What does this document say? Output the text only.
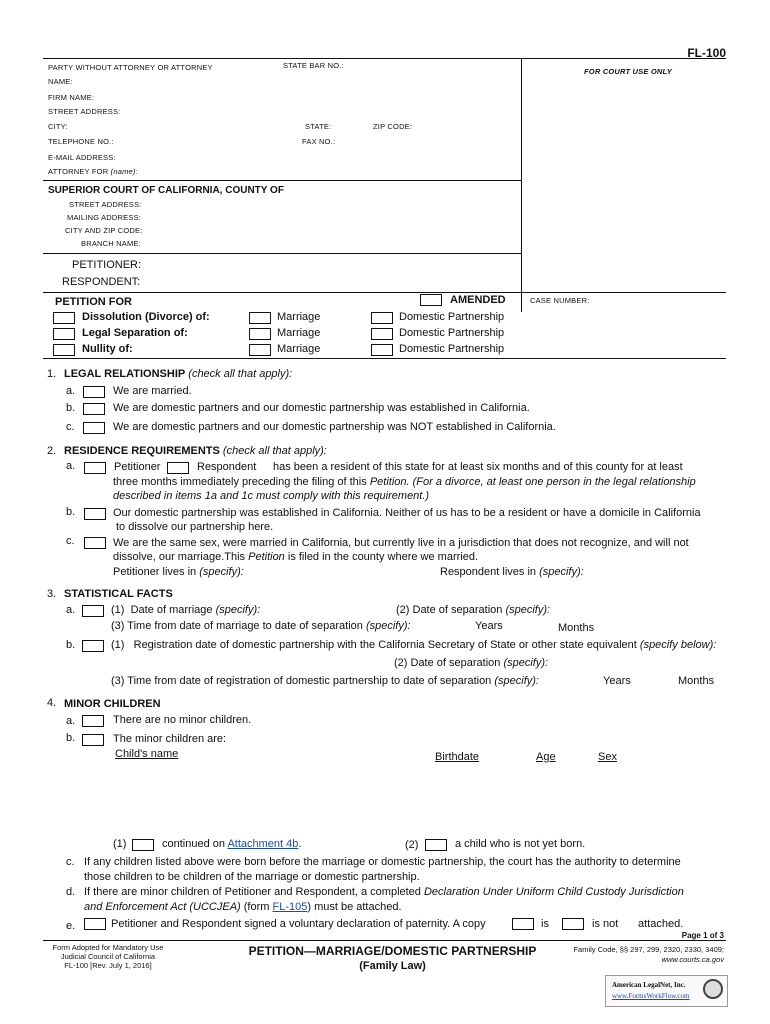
FL-100
PARTY WITHOUT ATTORNEY OR ATTORNEY	STATE BAR NO.:
FOR COURT USE ONLY
NAME:
FIRM NAME:
STREET ADDRESS:
CITY:	STATE:	ZIP CODE:
TELEPHONE NO.:	FAX NO.:
E-MAIL ADDRESS:
ATTORNEY FOR (name):
SUPERIOR COURT OF CALIFORNIA, COUNTY OF
STREET ADDRESS:
MAILING ADDRESS:
CITY AND ZIP CODE:
BRANCH NAME:
PETITIONER:
RESPONDENT:
PETITION FOR	AMENDED	CASE NUMBER:
Dissolution (Divorce) of:	Marriage	Domestic Partnership
Legal Separation of:	Marriage	Domestic Partnership
Nullity of:	Marriage	Domestic Partnership
1. LEGAL RELATIONSHIP (check all that apply):
a.	We are married.
b.	We are domestic partners and our domestic partnership was established in California.
c.	We are domestic partners and our domestic partnership was NOT established in California.
2. RESIDENCE REQUIREMENTS (check all that apply):
a.	Petitioner	Respondent has been a resident of this state for at least six months and of this county for at least
three months immediately preceding the filing of this Petition. (For a divorce, at least one person in the legal relationship
described in items 1a and 1c must comply with this requirement.)
b.	Our domestic partnership was established in California. Neither of us has to be a resident or have a domicile in California
to dissolve our partnership here.
c.	We are the same sex, were married in California, but currently live in a jurisdiction that does not recognize, and will not
dissolve, our marriage.This Petition is filed in the county where we married.
Petitioner lives in (specify):	Respondent lives in (specify):
3. STATISTICAL FACTS
a.	(1) Date of marriage (specify):	(2) Date of separation (specify):
(3) Time from date of marriage to date of separation (specify):	Years	Months
b.	(1) Registration date of domestic partnership with the California Secretary of State or other state equivalent (specify below):
(2) Date of separation (specify):
(3) Time from date of registration of domestic partnership to date of separation (specify):	Years	Months
4. MINOR CHILDREN
a.	There are no minor children.
b.	The minor children are:
Child's name	Birthdate	Age	Sex
(1)	continued on Attachment 4b.	(2)	a child who is not yet born.
c. If any children listed above were born before the marriage or domestic partnership, the court has the authority to determine
those children to be children of the marriage or domestic partnership.
d. If there are minor children of Petitioner and Respondent, a completed Declaration Under Uniform Child Custody Jurisdiction
and Enforcement Act (UCCJEA) (form FL-105) must be attached.
e.	Petitioner and Respondent signed a voluntary declaration of paternity. A copy	is	is not attached.
Page 1 of 3
Form Adopted for Mandatory Use
Judicial Council of California
FL-100 [Rev. July 1, 2016]
PETITION—MARRIAGE/DOMESTIC PARTNERSHIP
(Family Law)
Family Code, §§ 297, 299, 2320, 2330, 3409;
www.courts.ca.gov
American LegalNet, Inc.
www.FormsWorkFlow.com
